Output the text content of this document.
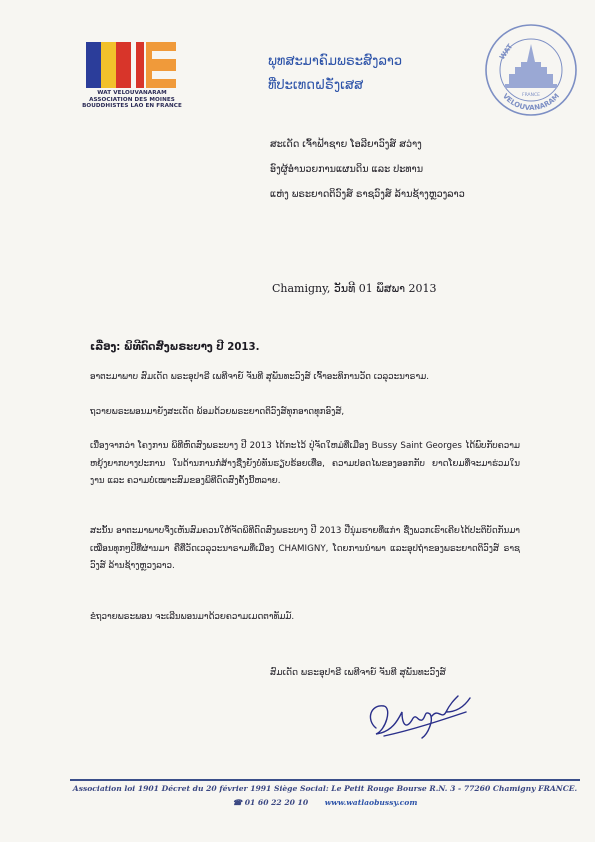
WAT VELOUVANARAM
ASSOCIATION DES MOINES
BOUDDHISTES LAO EN FRANCE
ພຸທສະມາຄົມພຣະສົງລາວ
ທີ່ປະເທດຝຣັ່ງເສສ
VELOUVANARAM
WAT
FRANCE
ສະເດັດ ເຈົ້າຟ້າຊາຍ ໂອລີຍາວົງສ໌ ສວ່າງ
ອົງຜູ້ອໍານວຍການແຜນດິນ ແລະ ປະທານ
ແຫ່ງ ພຣະຍາດຕິວົງສ໌ ຣາຊວົງສ໌ ລ້ານຊ້າງຫຼວງລາວ
Chamigny, ວັນທີ 01 ພຶສພາ 2013
ເລື່ອງ: ພິທີດົດສົງພຣະບາງ ປີ 2013.
ອາຕະມາພາບ ສົມເດັດ ພຣະອຸປາຣີ ເພທີຈາຍ໌ ຈັນທີ ສຸພັນທະວົງສ໌ ເຈົ້າອະທິການວັດ ເວລຸວະນາຣາມ.
ຖວາຍພຣະພອນມາຍັງສະເດັດ ພ້ອມດ້ວຍພຣະຍາດຕິວົງສ໌ທຸກອາດທຸກອົງສ໌,
ເນື່ອງຈາກວ່າ ໂຄງການ ພິທີຫົດສົງພຣະບາງ ປີ 2013 ໄດ້ກະໄວ້ ປຸ່ຈັດໃຫມ່ທີ່ເມືອງ Bussy Saint Georges ໄດ້ພົບກັບຄວາມຫຍຸ້ງຍາກບາງປະການ ໃນດ້ານການກໍ່ສ້າງຊື່ງຍັງບໍ່ທັນຮຽບຮ້ອຍເທື່ອ, ຄວາມປອດໄພຂອງອອກກັບ ຍາດໂຍມທີ່ຈະມາຮ່ວມໃນງານ ແລະ ຄວາມບໍ່ເໝາະສົມຂອງພິທີດົດສົງຄັ້ງນີ້ຫລາຍ.
ສະນັ້ນ ອາຕະມາພາບຈຶ່ງເຫັນສົມຄວນໃຫ້ຈັດພິທີດົດສົງພຣະບາງ ປີ 2013 ປີ່ນຸ່ມຮາຍທີ່ແກ່າ ຊື່ງພວກເຮົາເຄີຍໄດ້ປະຕິບັດກັນມາ ເໝືອນທຸກໆປີທີ່ຜ່ານມາ ຄືທີ່ວັດເວລຸວະນາຣາມທີ່ເມືອງ CHAMIGNY, ໂດຍການນໍາພາ ແລະອຸປຖໍາຂອງພຣະຍາດຕິວົງສ໌ ຣາຊວົງສ໌ ລ້ານຊ້າງຫຼວງລາວ.
ຂໍຖວາຍພຣະພອນ ຈະເລີນພອນມາດ້ວຍຄວາມເມດຕາທັມມ໌.
ສົມເດັດ ພຣະອຸປາຣີ ເພທີຈາຍ໌ ຈັນທີ ສຸພັນທະວົງສ໌
Association loi 1901 Décret du 20 février 1991 Siège Social: Le Petit Rouge Bourse R.N. 3 - 77260 Chamigny FRANCE.
☎ 01 60 22 20 10 www.watlaobussy.com
